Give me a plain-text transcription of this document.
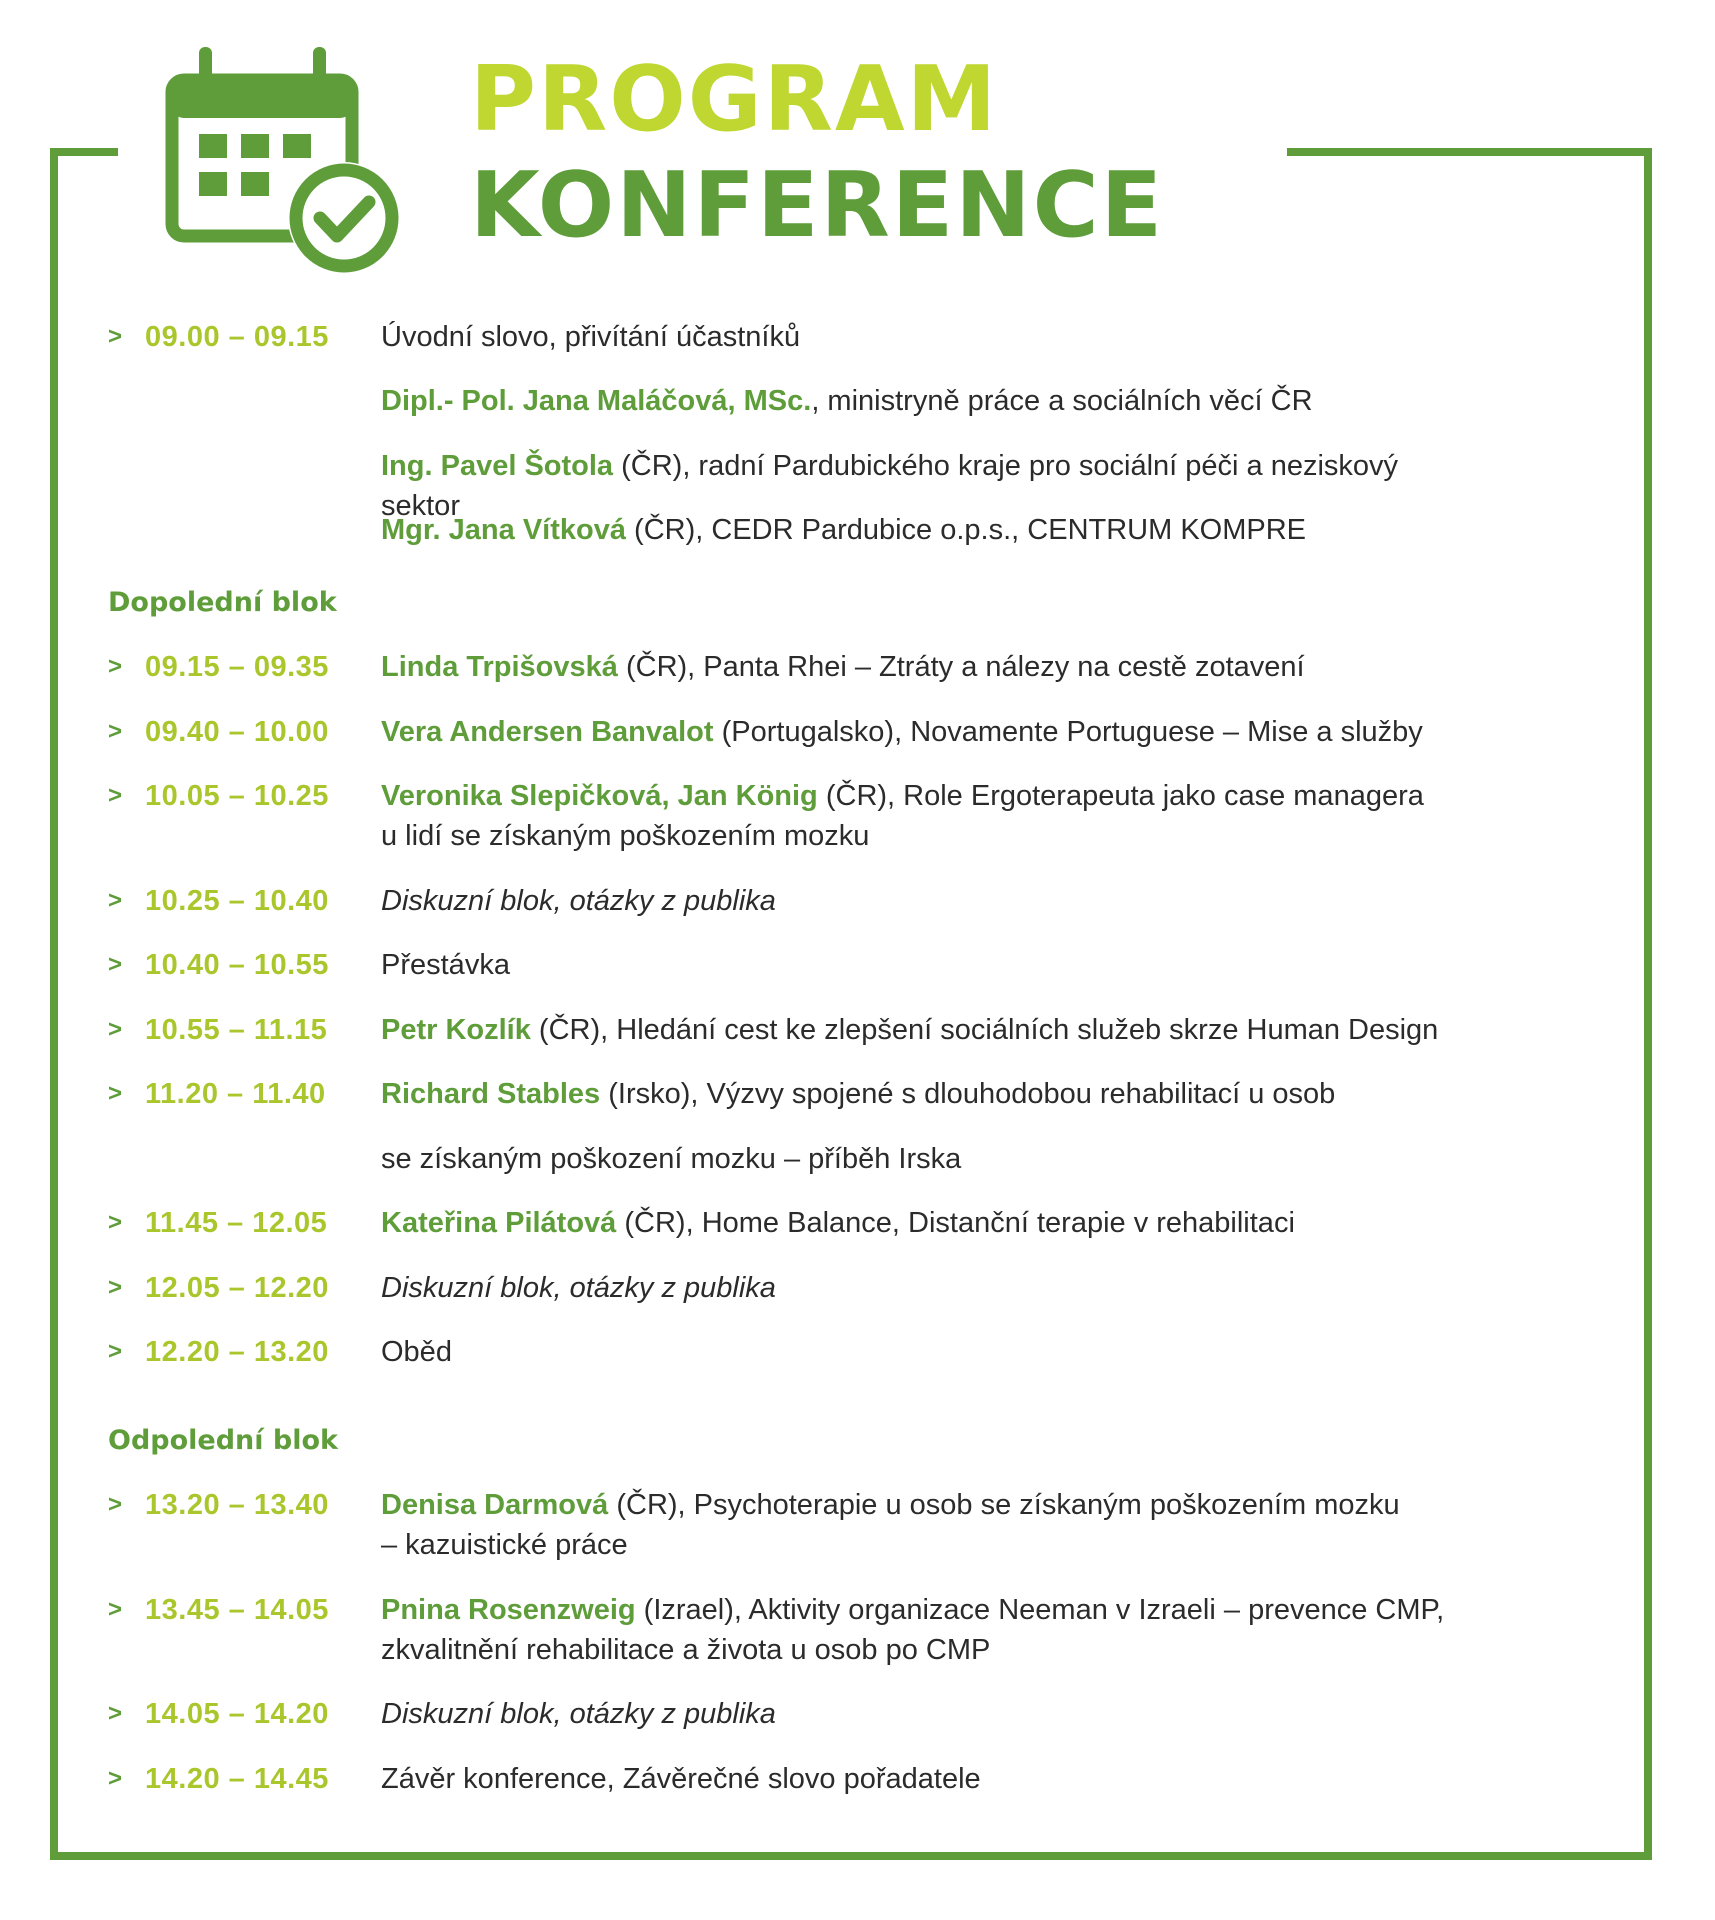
PROGRAM
KONFERENCE
> 09.00 – 09.15 Úvodní slovo, přivítání účastníků
Dipl.- Pol. Jana Maláčová, MSc., ministryně práce a sociálních věcí ČR
Ing. Pavel Šotola (ČR), radní Pardubického kraje pro sociální péči a neziskový sektor
Mgr. Jana Vítková (ČR), CEDR Pardubice o.p.s., CENTRUM KOMPRE
Dopolední blok
> 09.15 – 09.35 Linda Trpišovská (ČR), Panta Rhei – Ztráty a nálezy na cestě zotavení
> 09.40 – 10.00 Vera Andersen Banvalot (Portugalsko), Novamente Portuguese – Mise a služby
> 10.05 – 10.25 Veronika Slepičková, Jan König (ČR), Role Ergoterapeuta jako case managera
u lidí se získaným poškozením mozku
> 10.25 – 10.40 Diskuzní blok, otázky z publika
> 10.40 – 10.55 Přestávka
> 10.55 – 11.15 Petr Kozlík (ČR), Hledání cest ke zlepšení sociálních služeb skrze Human Design
> 11.20 – 11.40 Richard Stables (Irsko), Výzvy spojené s dlouhodobou rehabilitací u osob
se získaným poškození mozku – příběh Irska
> 11.45 – 12.05 Kateřina Pilátová (ČR), Home Balance, Distanční terapie v rehabilitaci
> 12.05 – 12.20 Diskuzní blok, otázky z publika
> 12.20 – 13.20 Oběd
Odpolední blok
> 13.20 – 13.40 Denisa Darmová (ČR), Psychoterapie u osob se získaným poškozením mozku
– kazuistické práce
> 13.45 – 14.05 Pnina Rosenzweig (Izrael), Aktivity organizace Neeman v Izraeli – prevence CMP,
zkvalitnění rehabilitace a života u osob po CMP
> 14.05 – 14.20 Diskuzní blok, otázky z publika
> 14.20 – 14.45 Závěr konference, Závěrečné slovo pořadatele
